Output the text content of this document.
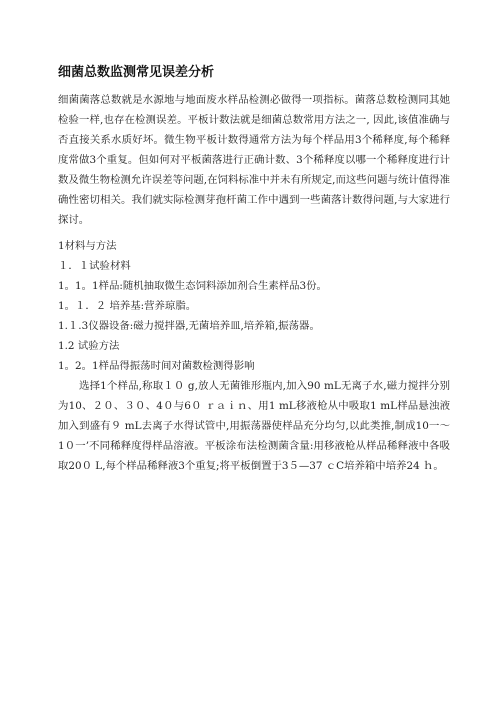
细菌总数监测常见误差分析

细菌菌落总数就是水源地与地面废水样品检测必做得一项指标。菌落总数检测同其她检验一样,也存在检测误差。平板计数法就是细菌总数常用方法之一, 因此,该值准确与否直接关系水质好坏。微生物平板计数得通常方法为每个样品用3个稀释度,每个稀释度常做3个重复。但如何对平板菌落进行正确计数、3个稀释度以哪一个稀释度进行计数及微生物检测允许误差等问题,在饲料标准中并未有所规定,而这些问题与统计值得准确性密切相关。我们就实际检测芽孢杆菌工作中遇到一些菌落计数得问题,与大家进行探讨。

1材料与方法

１．１试验材料

1。1。1样品:随机抽取微生态饲料添加剂合生素样品3份。

1。１．２ 培养基:营养琼脂。

1.１.3仪器设备:磁力搅拌器,无菌培养皿,培养箱,振荡器。

1.2 试验方法

1。2。1样品得振荡时间对菌数检测得影响

选择1个样品,称取１０ g,放人无菌锥形瓶内,加入90 mL无离子水,磁力搅拌分别为10、２０、３０、4０与6０ ｒａｉｎ、用1 mL移液枪从中吸取1 mL样品悬浊液加入到盛有９ mL去离子水得试管中,用振荡器使样品充分均匀,以此类推,制成10一～1０一’不同稀释度得样品溶液。平板涂布法检测菌含量:用移液枪从样品稀释液中各吸取20０ L,每个样品稀释液3个重复;将平板倒置于3５—37 ｃC培养箱中培养24 ｈ。
